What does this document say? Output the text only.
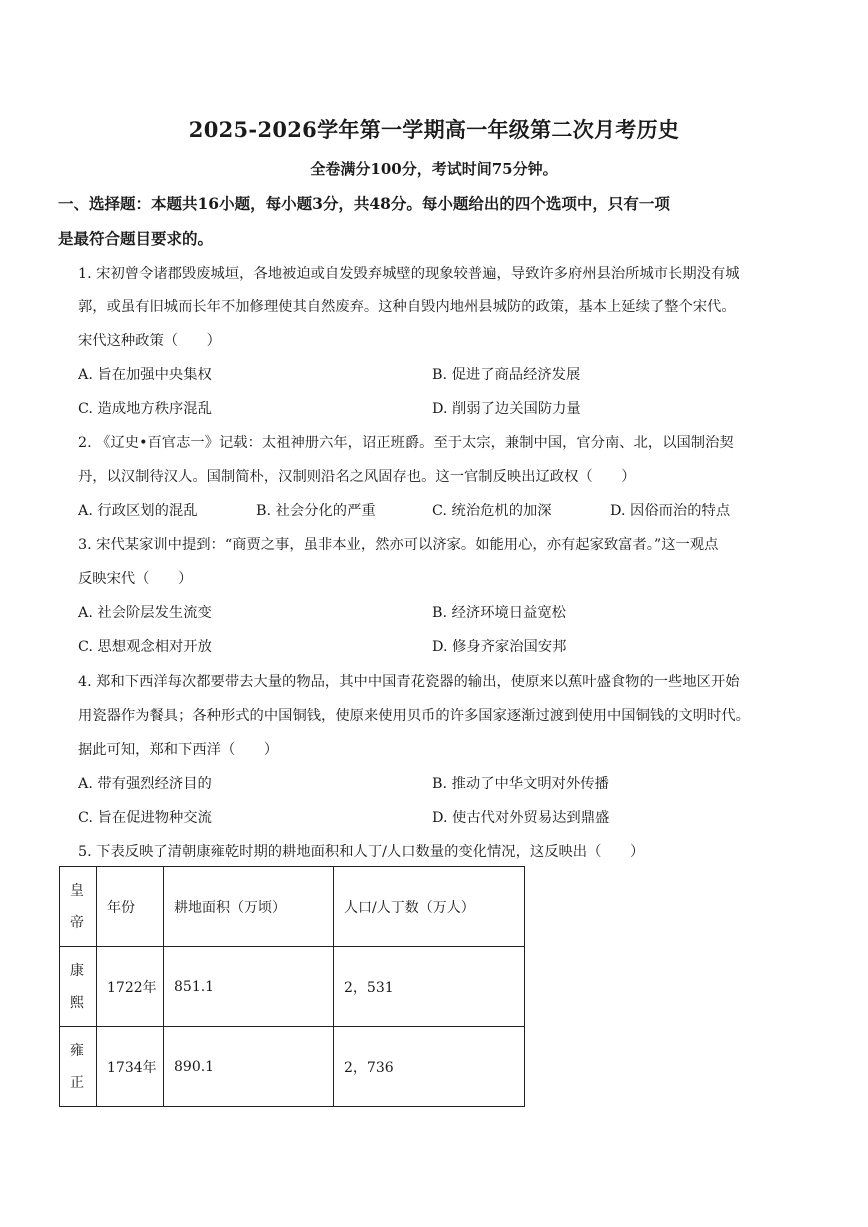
2025-2026学年第一学期高一年级第二次月考历史
全卷满分100分，考试时间75分钟。
一、选择题：本题共16小题，每小题3分，共48分。每小题给出的四个选项中，只有一项
是最符合题目要求的。
1. 宋初曾令诸郡毁废城垣，各地被迫或自发毁弃城壁的现象较普遍，导致许多府州县治所城市长期没有城
郭，或虽有旧城而长年不加修理使其自然废弃。这种自毁内地州县城防的政策，基本上延续了整个宋代。
宋代这种政策（　　）
A. 旨在加强中央集权	B. 促进了商品经济发展
C. 造成地方秩序混乱	D. 削弱了边关国防力量
2. 《辽史•百官志一》记载：太祖神册六年，诏正班爵。至于太宗，兼制中国，官分南、北，以国制治契
丹，以汉制待汉人。国制简朴，汉制则沿名之风固存也。这一官制反映出辽政权（　　）
A. 行政区划的混乱	B. 社会分化的严重	C. 统治危机的加深	D. 因俗而治的特点
3. 宋代某家训中提到：“商贾之事，虽非本业，然亦可以济家。如能用心，亦有起家致富者。”这一观点
反映宋代（　　）
A. 社会阶层发生流变	B. 经济环境日益宽松
C. 思想观念相对开放	D. 修身齐家治国安邦
4. 郑和下西洋每次都要带去大量的物品，其中中国青花瓷器的输出，使原来以蕉叶盛食物的一些地区开始
用瓷器作为餐具；各种形式的中国铜钱，使原来使用贝币的许多国家逐渐过渡到使用中国铜钱的文明时代。
据此可知，郑和下西洋（　　）
A. 带有强烈经济目的	B. 推动了中华文明对外传播
C. 旨在促进物种交流	D. 使古代对外贸易达到鼎盛
5. 下表反映了清朝康雍乾时期的耕地面积和人丁/人口数量的变化情况，这反映出（　　）
皇帝	年份	耕地面积（万顷）	人口/人丁数（万人）
康熙	1722年	851.1	2，531
雍正	1734年	890.1	2，736
